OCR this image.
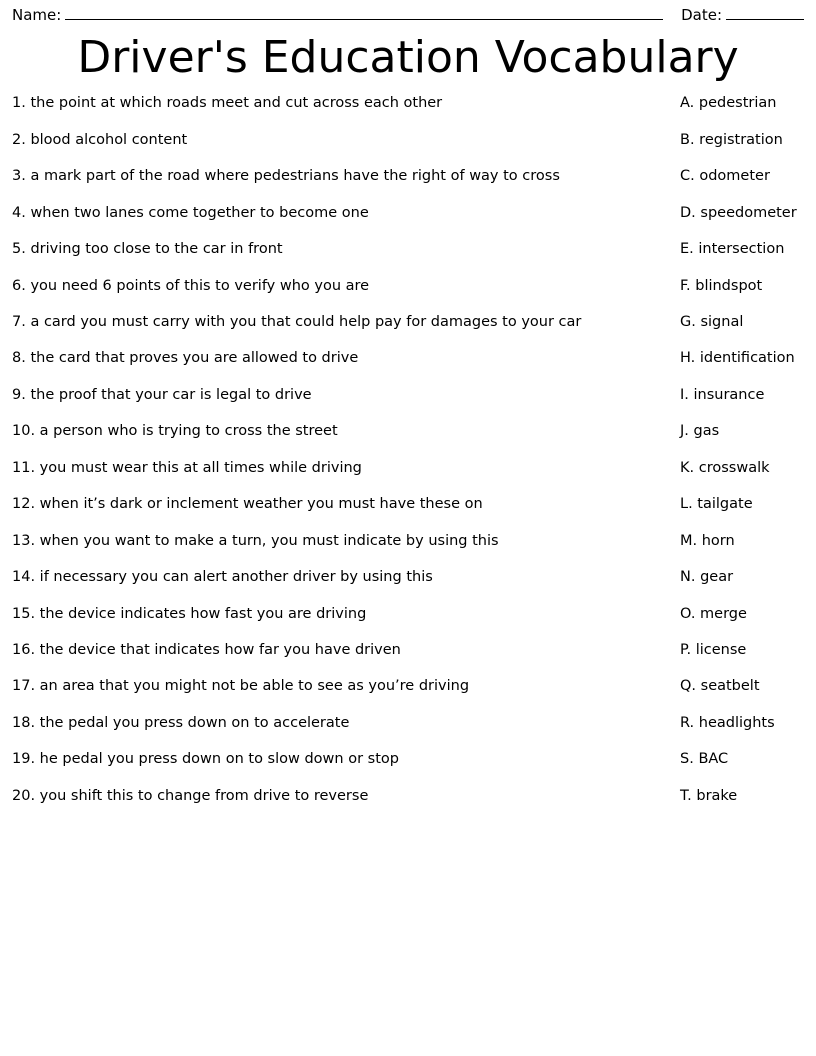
Name:	Date:
Driver's Education Vocabulary
1. the point at which roads meet and cut across each other
2. blood alcohol content
3. a mark part of the road where pedestrians have the right of way to cross
4. when two lanes come together to become one
5. driving too close to the car in front
6. you need 6 points of this to verify who you are
7. a card you must carry with you that could help pay for damages to your car
8. the card that proves you are allowed to drive
9. the proof that your car is legal to drive
10. a person who is trying to cross the street
11. you must wear this at all times while driving
12. when it’s dark or inclement weather you must have these on
13. when you want to make a turn, you must indicate by using this
14. if necessary you can alert another driver by using this
15. the device indicates how fast you are driving
16. the device that indicates how far you have driven
17. an area that you might not be able to see as you’re driving
18. the pedal you press down on to accelerate
19. he pedal you press down on to slow down or stop
20. you shift this to change from drive to reverse
A. pedestrian
B. registration
C. odometer
D. speedometer
E. intersection
F. blindspot
G. signal
H. identification
I. insurance
J. gas
K. crosswalk
L. tailgate
M. horn
N. gear
O. merge
P. license
Q. seatbelt
R. headlights
S. BAC
T. brake
